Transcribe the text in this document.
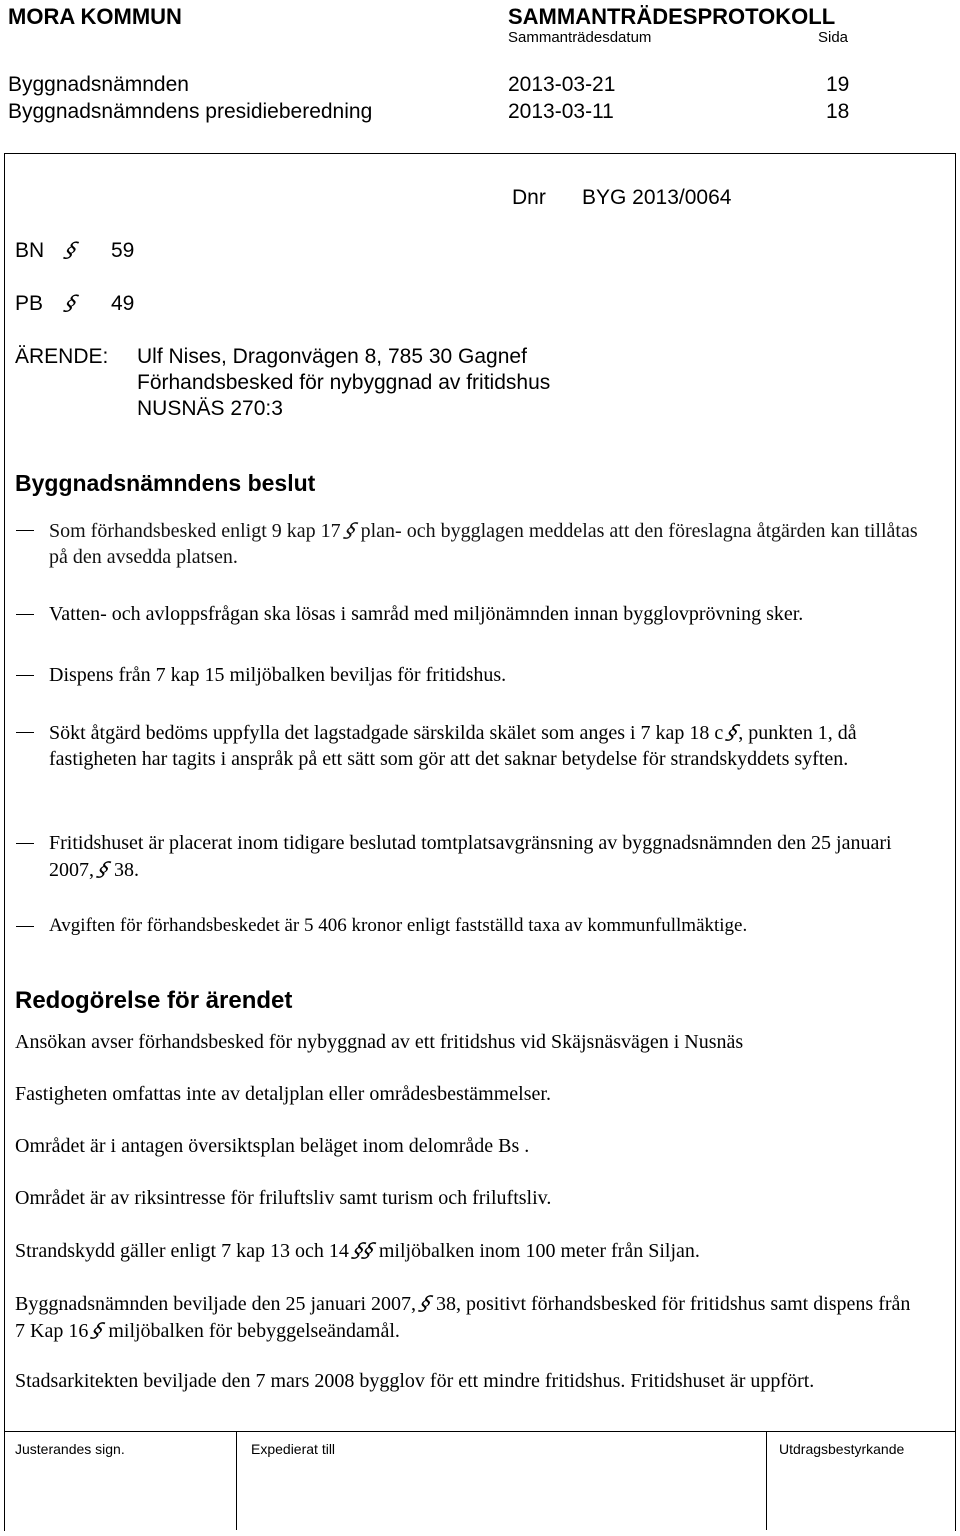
MORA KOMMUN	SAMMANTRÄDESPROTOKOLL
Sammanträdesdatum	Sida
Byggnadsnämnden	2013-03-21	19
Byggnadsnämndens presidieberedning	2013-03-11	18
Dnr BYG 2013/0064
BN § 59
PB § 49
ÄRENDE: Ulf Nises, Dragonvägen 8, 785 30 Gagnef
Förhandsbesked för nybyggnad av fritidshus
NUSNÄS 270:3
Byggnadsnämndens beslut
Som förhandsbesked enligt 9 kap 17 § plan- och bygglagen meddelas att den föreslagna åtgärden kan tillåtas på den avsedda platsen.
Vatten- och avloppsfrågan ska lösas i samråd med miljönämnden innan bygglovprövning sker.
Dispens från 7 kap 15 miljöbalken beviljas för fritidshus.
Sökt åtgärd bedöms uppfylla det lagstadgade särskilda skälet som anges i 7 kap 18 c §, punkten 1, då fastigheten har tagits i anspråk på ett sätt som gör att det saknar betydelse för strandskyddets syften.
Fritidshuset är placerat inom tidigare beslutad tomtplatsavgränsning av byggnadsnämnden den 25 januari 2007, § 38.
Avgiften för förhandsbeskedet är 5 406 kronor enligt fastställd taxa av kommunfullmäktige.
Redogörelse för ärendet
Ansökan avser förhandsbesked för nybyggnad av ett fritidshus vid Skäjsnäsvägen i Nusnäs
Fastigheten omfattas inte av detaljplan eller områdesbestämmelser.
Området är i antagen översiktsplan beläget inom delområde Bs .
Området är av riksintresse för friluftsliv samt turism och friluftsliv.
Strandskydd gäller enligt 7 kap 13 och 14 §§ miljöbalken inom 100 meter från Siljan.
Byggnadsnämnden beviljade den 25 januari 2007, § 38, positivt förhandsbesked för fritidshus samt dispens från 7 Kap 16 § miljöbalken för bebyggelseändamål.
Stadsarkitekten beviljade den 7 mars 2008 bygglov för ett mindre fritidshus. Fritidshuset är uppfört.
Justerandes sign.	Expedierat till	Utdragsbestyrkande
